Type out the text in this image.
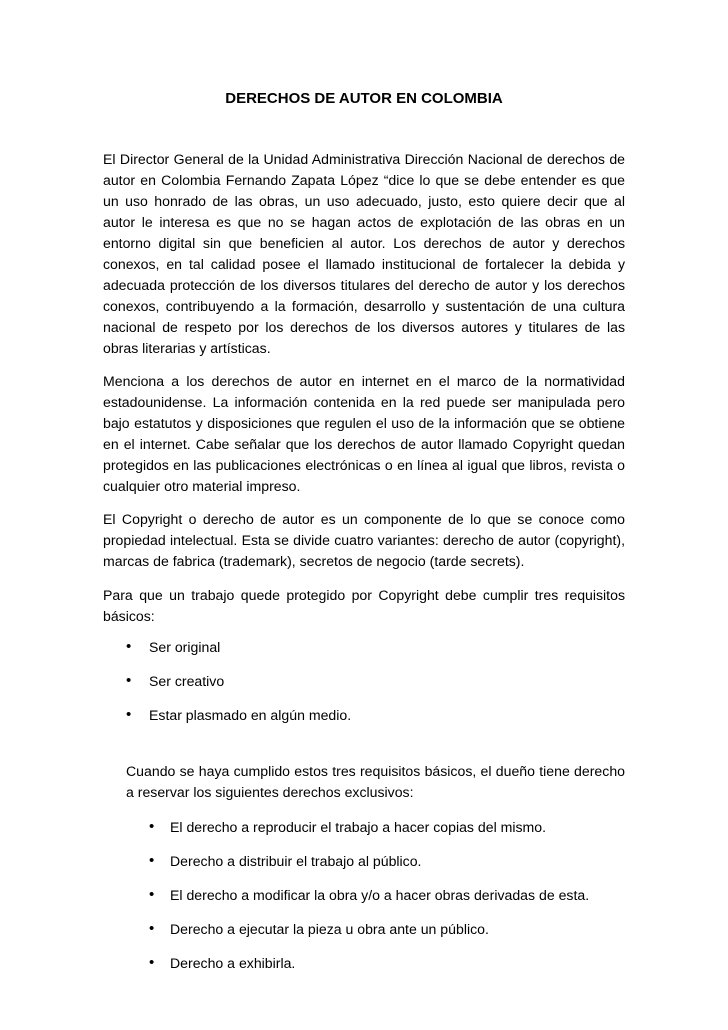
DERECHOS DE AUTOR EN COLOMBIA

El Director General de la Unidad Administrativa Dirección Nacional de derechos de autor en Colombia Fernando Zapata López “dice lo que se debe entender es que un uso honrado de las obras, un uso adecuado, justo, esto quiere decir que al autor le interesa es que no se hagan actos de explotación de las obras en un entorno digital sin que beneficien al autor. Los derechos de autor y derechos conexos, en tal calidad posee el llamado institucional de fortalecer la debida y adecuada protección de los diversos titulares del derecho de autor y los derechos conexos, contribuyendo a la formación, desarrollo y sustentación de una cultura nacional de respeto por los derechos de los diversos autores y titulares de las obras literarias y artísticas.

Menciona a los derechos de autor en internet en el marco de la normatividad estadounidense. La información contenida en la red puede ser manipulada pero bajo estatutos y disposiciones que regulen el uso de la información que se obtiene en el internet. Cabe señalar que los derechos de autor llamado Copyright quedan protegidos en las publicaciones electrónicas o en línea al igual que libros, revista o cualquier otro material impreso.

El Copyright o derecho de autor es un componente de lo que se conoce como propiedad intelectual. Esta se divide cuatro variantes: derecho de autor (copyright), marcas de fabrica (trademark), secretos de negocio (tarde secrets).

Para que un trabajo quede protegido por Copyright debe cumplir tres requisitos básicos:

•	Ser original
•	Ser creativo
•	Estar plasmado en algún medio.

Cuando se haya cumplido estos tres requisitos básicos, el dueño tiene derecho a reservar los siguientes derechos exclusivos:

•	El derecho a reproducir el trabajo a hacer copias del mismo.
•	Derecho a distribuir el trabajo al público.
•	El derecho a modificar la obra y/o a hacer obras derivadas de esta.
•	Derecho a ejecutar la pieza u obra ante un público.
•	Derecho a exhibirla.
